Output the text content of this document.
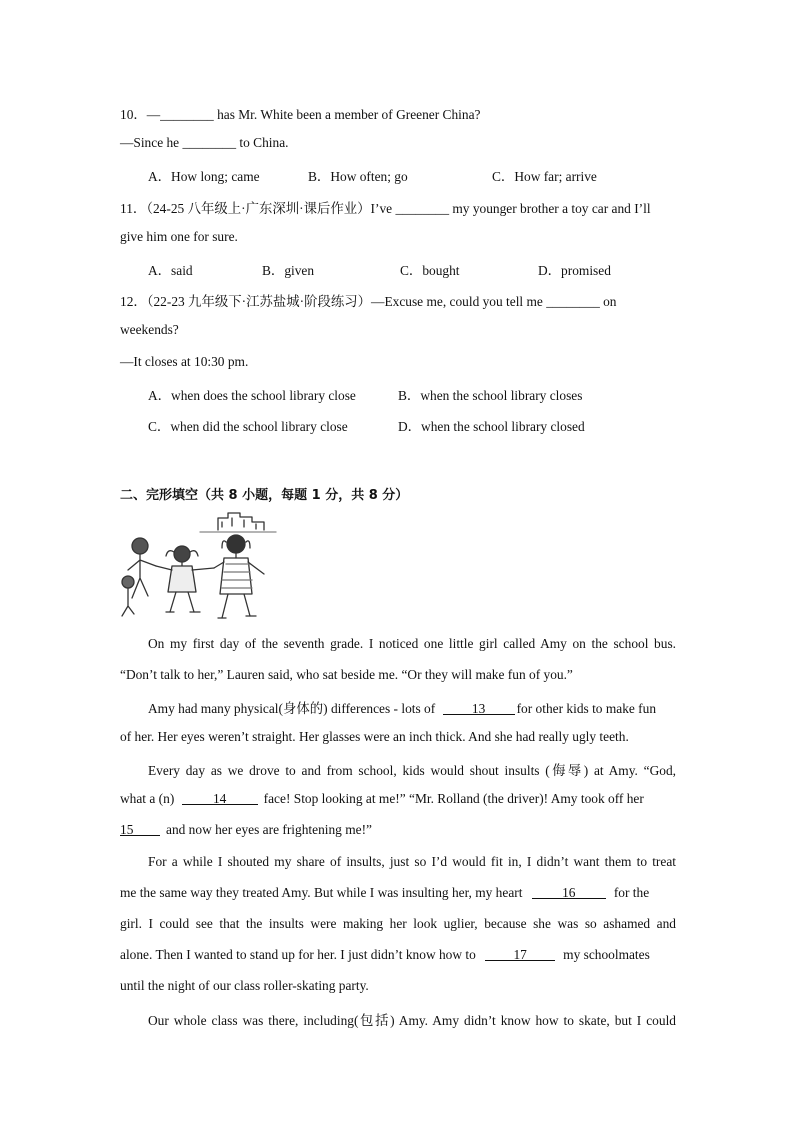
10．—________ has Mr. White been a member of Greener China?
—Since he ________ to China.
A．How long; came	B．How often; go	C．How far; arrive
11．（24-25 八年级上·广东深圳·课后作业）I’ve ________ my younger brother a toy car and I’ll
give him one for sure.
A．said	B．given	C．bought	D．promised
12．（22-23 九年级下·江苏盐城·阶段练习）—Excuse me, could you tell me ________ on
weekends?
—It closes at 10:30 pm.
A．when does the school library close	B．when the school library closes
C．when did the school library close	D．when the school library closed
二、完形填空（共 8 小题，每题 1 分，共 8 分）
On my first day of the seventh grade. I noticed one little girl called Amy on the school bus.
“Don’t talk to her,” Lauren said, who sat beside me. “Or they will make fun of you.”
Amy had many physical(身体的) differences - lots of	13 for other kids to make fun
of her. Her eyes weren’t straight. Her glasses were an inch thick. And she had really ugly teeth.
Every day as we drove to and from school, kids would shout insults (侮辱) at Amy. “God,
what a (n)	14	face! Stop looking at me!” “Mr. Rolland (the driver)! Amy took off her
15 and now her eyes are frightening me!”
For a while I shouted my share of insults, just so I’d would fit in, I didn’t want them to treat
me the same way they treated Amy. But while I was insulting her, my heart	16	for the
girl. I could see that the insults were making her look uglier, because she was so ashamed and
alone. Then I wanted to stand up for her. I just didn’t know how to	17	my schoolmates
until the night of our class roller-skating party.
Our whole class was there, including(包括) Amy. Amy didn’t know how to skate, but I could
